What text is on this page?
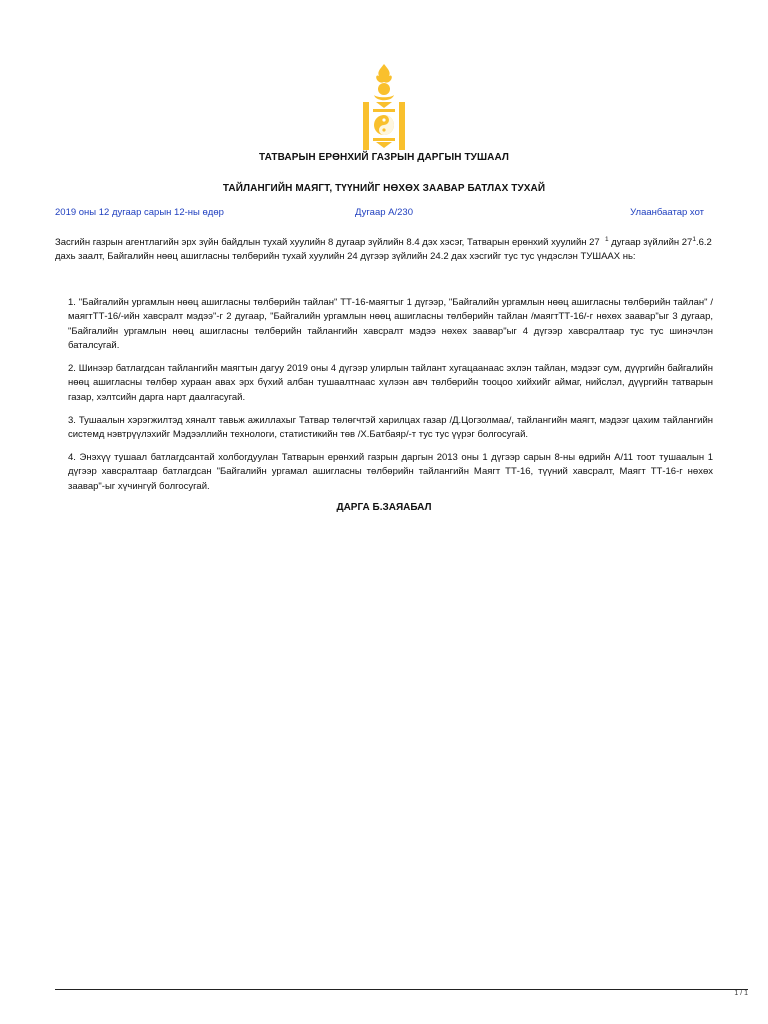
ТАТВАРЫН ЕРӨНХИЙ ГАЗРЫН ДАРГЫН ТУШААЛ
ТАЙЛАНГИЙН МАЯГТ, ТҮҮНИЙГ НӨХӨХ ЗААВАР БАТЛАХ ТУХАЙ
2019 оны 12 дугаар сарын 12-ны өдөр	Дугаар А/230	Улаанбаатар хот
Засгийн газрын агентлагийн эрх зүйн байдлын тухай хуулийн 8 дугаар зүйлийн 8.4 дэх хэсэг, Татварын ерөнхий хуулийн 27 $^1$ дугаар зүйлийн $27^1.6.2$ дахь заалт, Байгалийн нөөц ашигласны төлбөрийн тухай хуулийн 24 дүгээр зүйлийн 24.2 дах хэсгийг тус тус үндэслэн ТУШААХ нь:
1. "Байгалийн ургамлын нөөц ашигласны төлбөрийн тайлан" ТТ-16-маягтыг 1 дүгээр, "Байгалийн ургамлын нөөц ашигласны төлбөрийн тайлан" /маягтТТ-16/-ийн хавсралт мэдээ"-г 2 дугаар, "Байгалийн ургамлын нөөц ашигласны төлбөрийн тайлан /маягтТТ-16/-г нөхөх заавар"ыг 3 дугаар, "Байгалийн ургамлын нөөц ашигласны төлбөрийн тайлангийн хавсралт мэдээ нөхөх заавар"ыг 4 дүгээр хавсралтаар тус тус шинэчлэн баталсугай.
2. Шинээр батлагдсан тайлангийн маягтын дагуу 2019 оны 4 дүгээр улирлын тайлант хугацаанаас эхлэн тайлан, мэдээг сум, дүүргийн байгалийн нөөц ашигласны төлбөр хураан авах эрх бүхий албан тушаалтнаас хүлээн авч төлбөрийн тооцоо хийхийг аймаг, нийслэл, дүүргийн татварын газар, хэлтсийн дарга нарт даалгасугай.
3. Тушаалын хэрэгжилтэд хяналт тавьж ажиллахыг Татвар төлөгчтэй харилцах газар /Д.Цогзолмаа/, тайлангийн маягт, мэдээг цахим тайлангийн системд нэвтрүүлэхийг Мэдээллийн технологи, статистикийн төв /Х.Батбаяр/-т тус тус үүрэг болгосугай.
4. Энэхүү тушаал батлагдсантай холбогдуулан Татварын ерөнхий газрын даргын 2013 оны 1 дүгээр сарын 8-ны өдрийн А/11 тоот тушаалын 1 дүгээр хавсралтаар батлагдсан "Байгалийн ургамал ашигласны төлбөрийн тайлангийн Маягт ТТ-16, түүний хавсралт, Маягт ТТ-16-г нөхөх заавар"-ыг хүчингүй болгосугай.
ДАРГА Б.ЗАЯАБАЛ
1 / 1
